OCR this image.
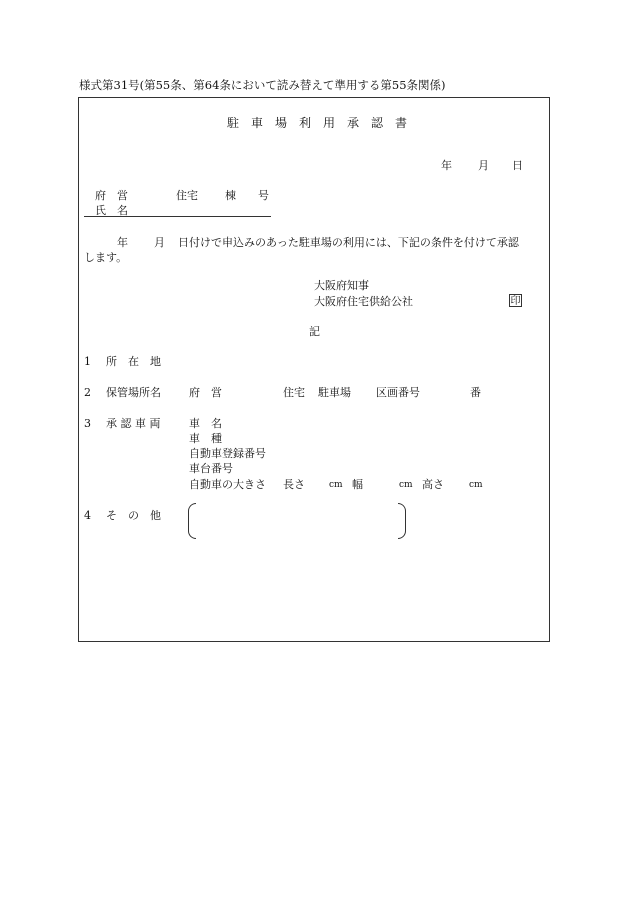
様式第31号(第55条、第64条において読み替えて準用する第55条関係)
駐　車　場　利　用　承　認　書
年 月 日
府　営	住宅 棟 号
氏　名
年 月 日付けで申込みのあった駐車場の利用には、下記の条件を付けて承認
します。
大阪府知事
大阪府住宅供給公社	印
記
1 所　在　地
2 保管場所名	府　営	住宅 駐車場 区画番号	番
3 承 認 車 両	車　名
車　種
自動車登録番号
車台番号
自動車の大きさ 長さ	cm 幅	cm 高さ	cm
4 そ　の　他
